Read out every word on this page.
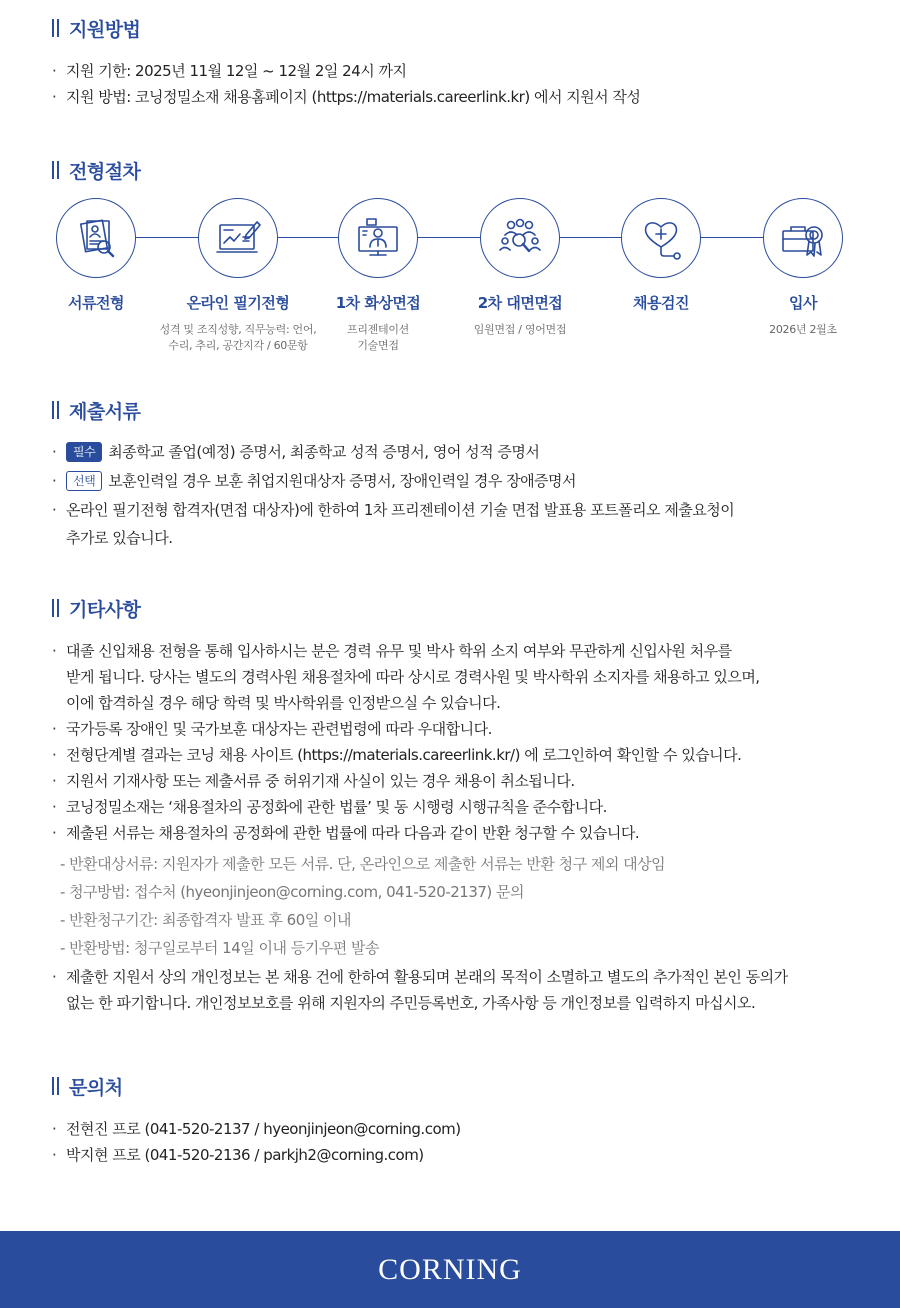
지원방법
· 지원 기한: 2025년 11월 12일 ~ 12월 2일 24시 까지
· 지원 방법: 코닝정밀소재 채용홈페이지 (https://materials.careerlink.kr) 에서 지원서 작성
전형절차
서류전형	온라인 필기전형
성격 및 조직성향, 직무능력: 언어, 수리, 추리, 공간지각 / 60문항
1차 화상면접
프리젠테이션 기술면접
2차 대면면접
임원면접 / 영어면접
채용검진	입사
2026년 2월초
제출서류
· 필수 최종학교 졸업(예정) 증명서, 최종학교 성적 증명서, 영어 성적 증명서
· 선택 보훈인력일 경우 보훈 취업지원대상자 증명서, 장애인력일 경우 장애증명서
· 온라인 필기전형 합격자(면접 대상자)에 한하여 1차 프리젠테이션 기술 면접 발표용 포트폴리오 제출요청이
추가로 있습니다.
기타사항
· 대졸 신입채용 전형을 통해 입사하시는 분은 경력 유무 및 박사 학위 소지 여부와 무관하게 신입사원 처우를
받게 됩니다. 당사는 별도의 경력사원 채용절차에 따라 상시로 경력사원 및 박사학위 소지자를 채용하고 있으며,
이에 합격하실 경우 해당 학력 및 박사학위를 인정받으실 수 있습니다.
· 국가등록 장애인 및 국가보훈 대상자는 관련법령에 따라 우대합니다.
· 전형단계별 결과는 코닝 채용 사이트 (https://materials.careerlink.kr/) 에 로그인하여 확인할 수 있습니다.
· 지원서 기재사항 또는 제출서류 중 허위기재 사실이 있는 경우 채용이 취소됩니다.
· 코닝정밀소재는 ‘채용절차의 공정화에 관한 법률’ 및 동 시행령 시행규칙을 준수합니다.
· 제출된 서류는 채용절차의 공정화에 관한 법률에 따라 다음과 같이 반환 청구할 수 있습니다.
- 반환대상서류: 지원자가 제출한 모든 서류. 단, 온라인으로 제출한 서류는 반환 청구 제외 대상임
- 청구방법: 접수처 (hyeonjinjeon@corning.com, 041-520-2137) 문의
- 반환청구기간: 최종합격자 발표 후 60일 이내
- 반환방법: 청구일로부터 14일 이내 등기우편 발송
· 제출한 지원서 상의 개인정보는 본 채용 건에 한하여 활용되며 본래의 목적이 소멸하고 별도의 추가적인 본인 동의가
없는 한 파기합니다. 개인정보보호를 위해 지원자의 주민등록번호, 가족사항 등 개인정보를 입력하지 마십시오.
문의처
· 전현진 프로 (041-520-2137 / hyeonjinjeon@corning.com)
· 박지현 프로 (041-520-2136 / parkjh2@corning.com)
CORNING
